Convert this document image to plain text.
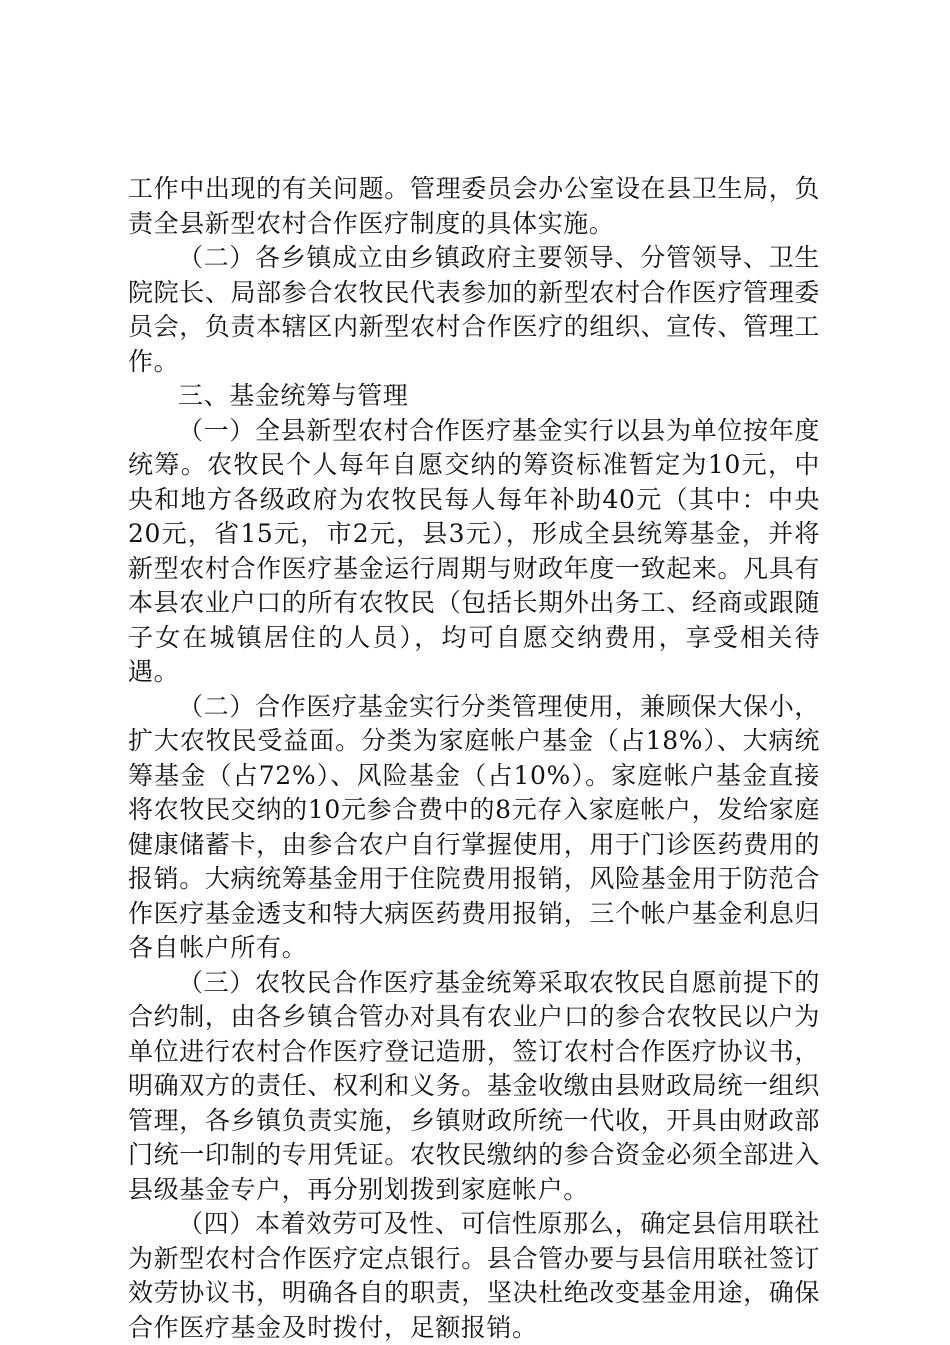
工作中出现的有关问题。管理委员会办公室设在县卫生局，负责全县新型农村合作医疗制度的具体实施。

（二）各乡镇成立由乡镇政府主要领导、分管领导、卫生院院长、局部参合农牧民代表参加的新型农村合作医疗管理委员会，负责本辖区内新型农村合作医疗的组织、宣传、管理工作。

三、基金统筹与管理

（一）全县新型农村合作医疗基金实行以县为单位按年度统筹。农牧民个人每年自愿交纳的筹资标准暂定为10元，中央和地方各级政府为农牧民每人每年补助40元（其中：中央20元，省15元，市2元，县3元），形成全县统筹基金，并将新型农村合作医疗基金运行周期与财政年度一致起来。凡具有本县农业户口的所有农牧民（包括长期外出务工、经商或跟随子女在城镇居住的人员），均可自愿交纳费用，享受相关待遇。

（二）合作医疗基金实行分类管理使用，兼顾保大保小，扩大农牧民受益面。分类为家庭帐户基金（占18%）、大病统筹基金（占72%）、风险基金（占10%）。家庭帐户基金直接将农牧民交纳的10元参合费中的8元存入家庭帐户，发给家庭健康储蓄卡，由参合农户自行掌握使用，用于门诊医药费用的报销。大病统筹基金用于住院费用报销，风险基金用于防范合作医疗基金透支和特大病医药费用报销，三个帐户基金利息归各自帐户所有。

（三）农牧民合作医疗基金统筹采取农牧民自愿前提下的合约制，由各乡镇合管办对具有农业户口的参合农牧民以户为单位进行农村合作医疗登记造册，签订农村合作医疗协议书，明确双方的责任、权利和义务。基金收缴由县财政局统一组织管理，各乡镇负责实施，乡镇财政所统一代收，开具由财政部门统一印制的专用凭证。农牧民缴纳的参合资金必须全部进入县级基金专户，再分别划拨到家庭帐户。

（四）本着效劳可及性、可信性原那么，确定县信用联社为新型农村合作医疗定点银行。县合管办要与县信用联社签订效劳协议书，明确各自的职责，坚决杜绝改变基金用途，确保合作医疗基金及时拨付，足额报销。
